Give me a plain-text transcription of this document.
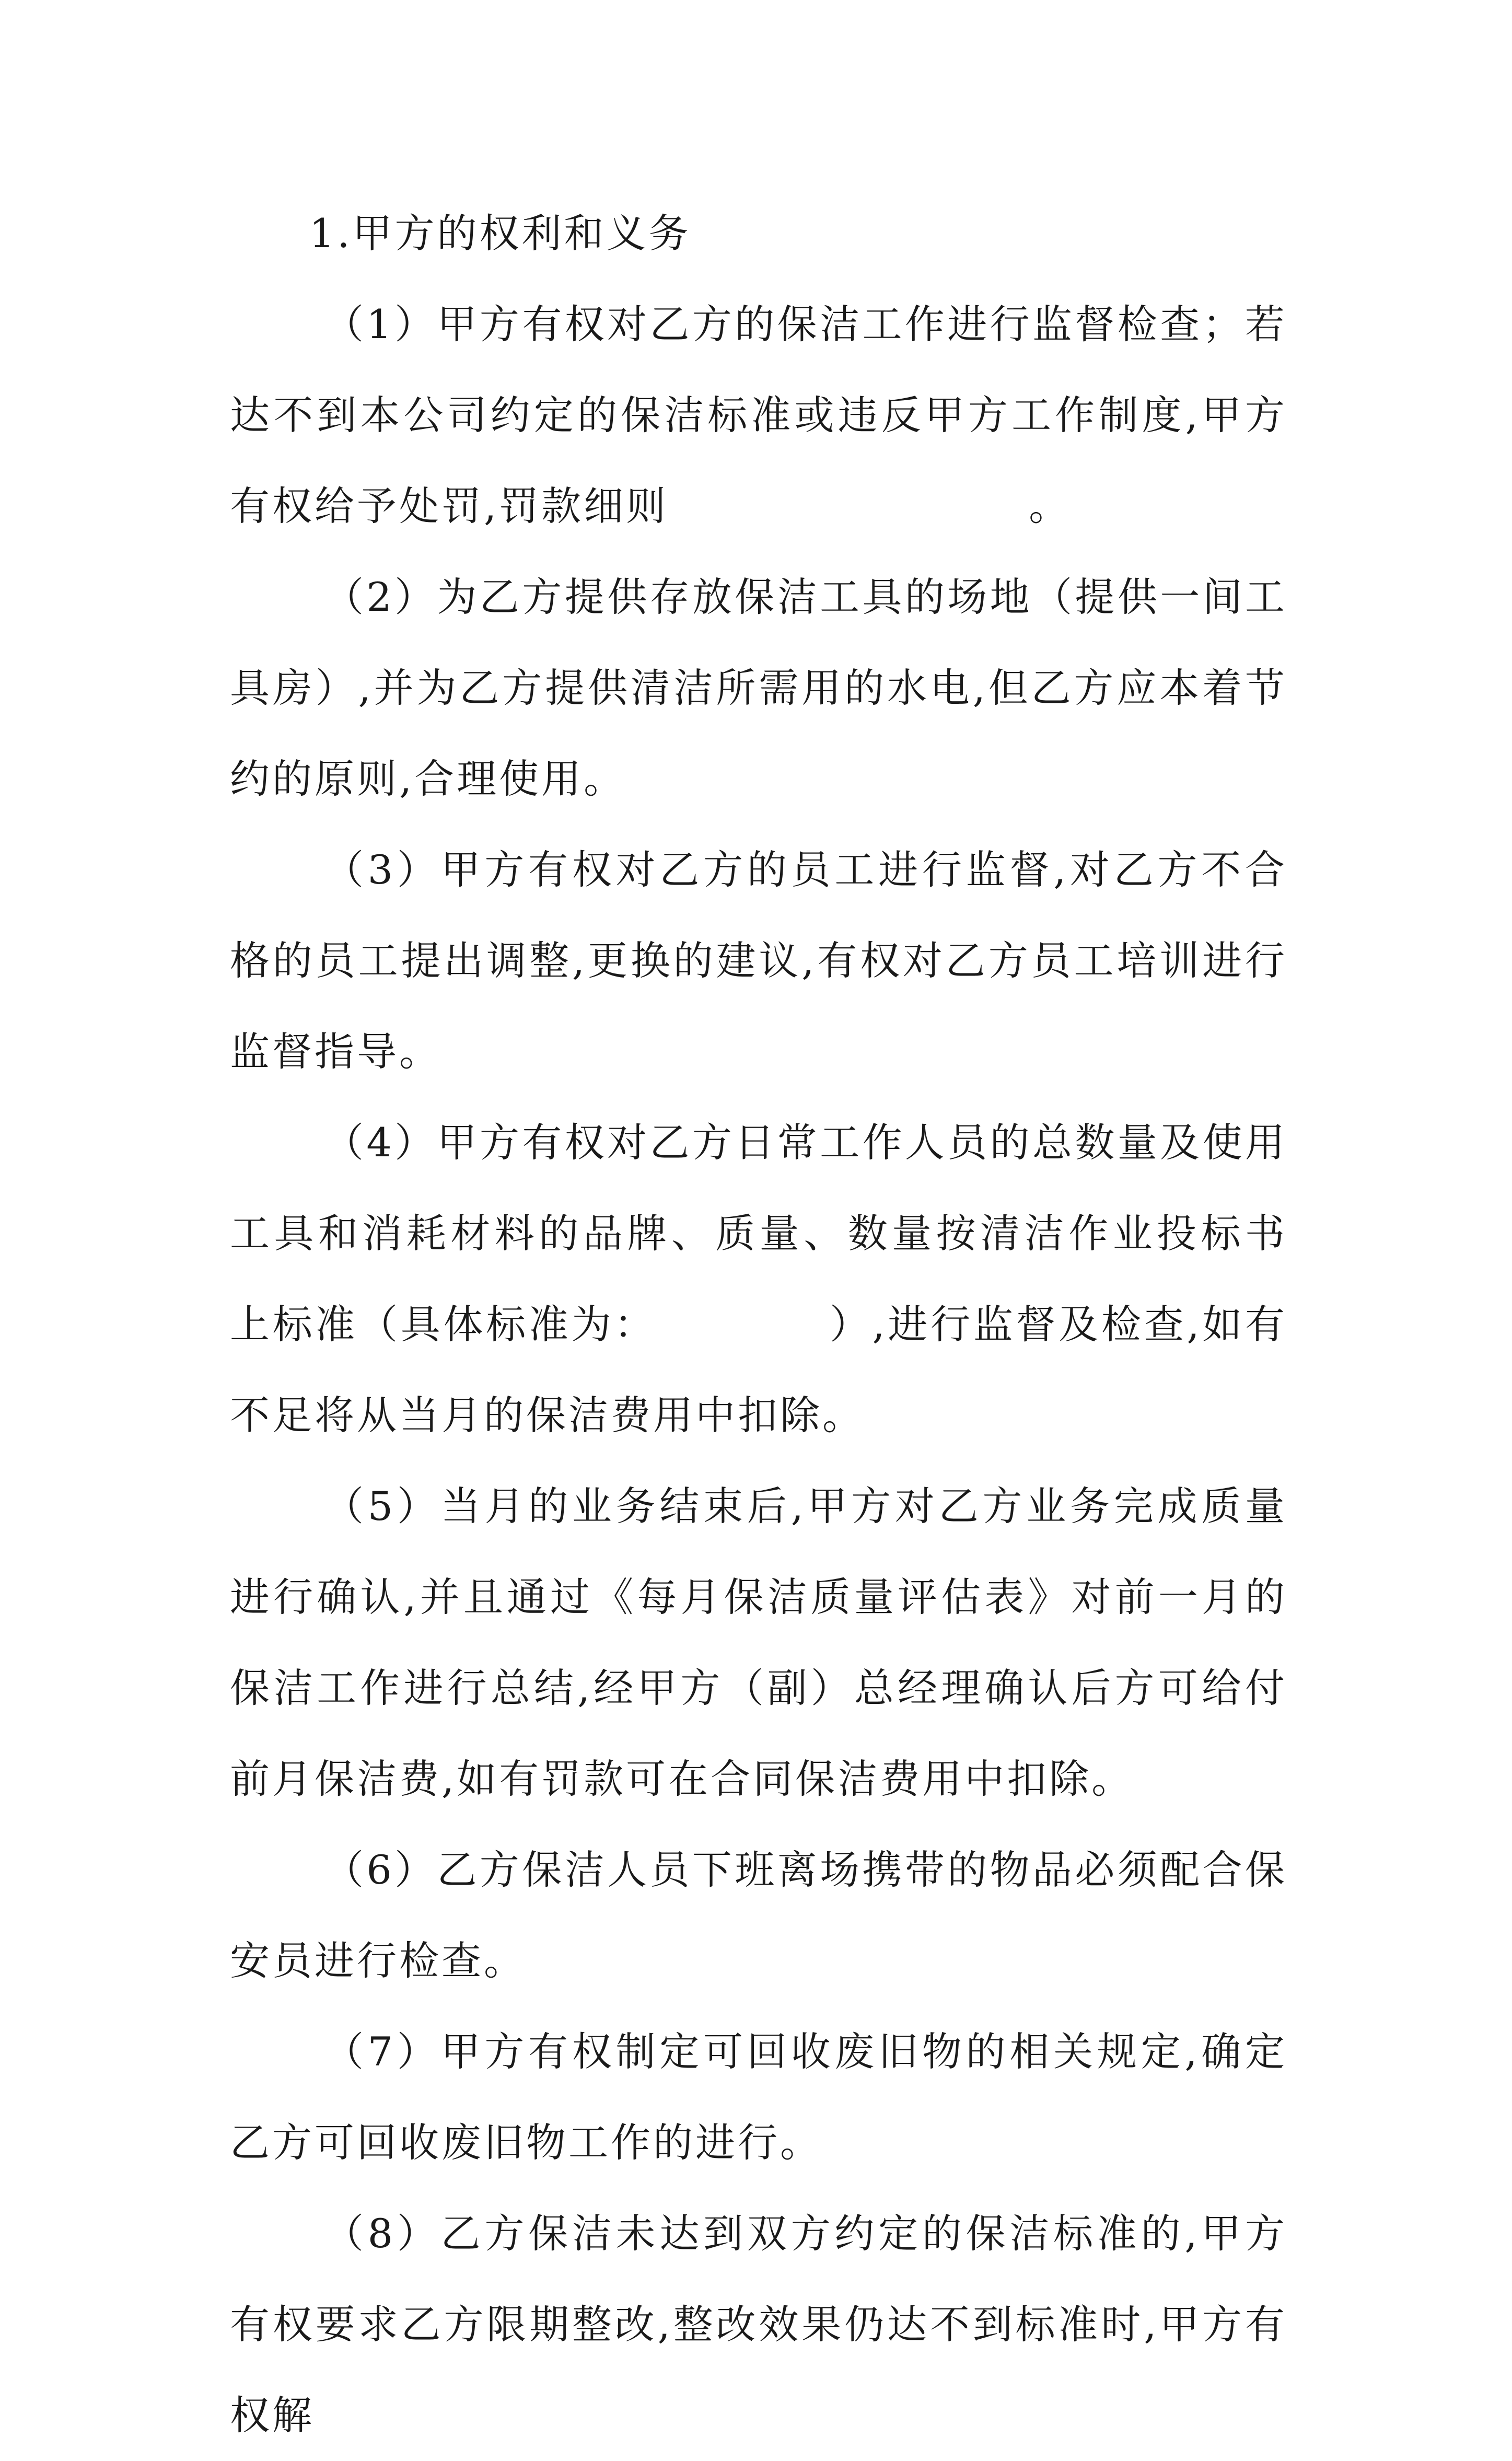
1.甲方的权利和义务

（1）甲方有权对乙方的保洁工作进行监督检查；若达不到本公司约定的保洁标准或违反甲方工作制度,甲方有权给予处罚,罚款细则	。

（2）为乙方提供存放保洁工具的场地（提供一间工具房）,并为乙方提供清洁所需用的水电,但乙方应本着节约的原则,合理使用。

（3）甲方有权对乙方的员工进行监督,对乙方不合格的员工提出调整,更换的建议,有权对乙方员工培训进行监督指导。

（4）甲方有权对乙方日常工作人员的总数量及使用工具和消耗材料的品牌、质量、数量按清洁作业投标书上标准（具体标准为：	）,进行监督及检查,如有不足将从当月的保洁费用中扣除。

（5）当月的业务结束后,甲方对乙方业务完成质量进行确认,并且通过《每月保洁质量评估表》对前一月的保洁工作进行总结,经甲方（副）总经理确认后方可给付前月保洁费,如有罚款可在合同保洁费用中扣除。

（6）乙方保洁人员下班离场携带的物品必须配合保安员进行检查。

（7）甲方有权制定可回收废旧物的相关规定,确定乙方可回收废旧物工作的进行。

（8）乙方保洁未达到双方约定的保洁标准的,甲方有权要求乙方限期整改,整改效果仍达不到标准时,甲方有权解
